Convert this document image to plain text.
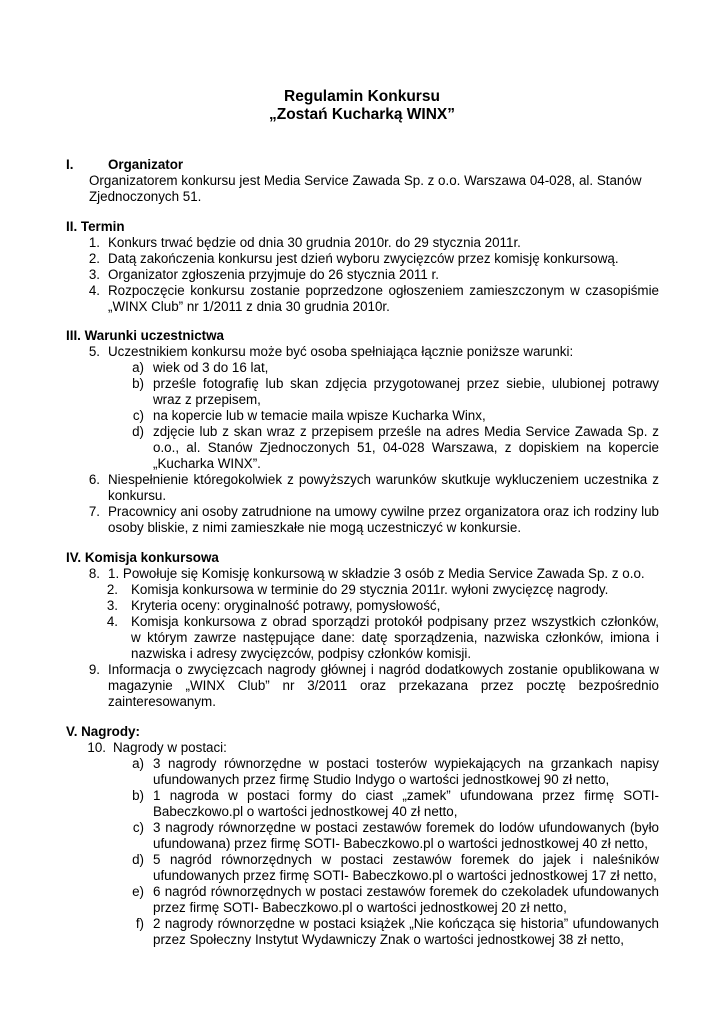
Regulamin Konkursu
„Zostań Kucharką WINX”
I.	Organizator
Organizatorem konkursu jest Media Service Zawada Sp. z o.o. Warszawa 04-028, al. Stanów
Zjednoczonych 51.
II. Termin
1. Konkurs trwać będzie od dnia 30 grudnia 2010r. do 29 stycznia 2011r.
2. Datą zakończenia konkursu jest dzień wyboru zwycięzców przez komisję konkursową.
3. Organizator zgłoszenia przyjmuje do 26 stycznia 2011 r.
4. Rozpoczęcie konkursu zostanie poprzedzone ogłoszeniem zamieszczonym w czasopiśmie
„WINX Club” nr 1/2011 z dnia 30 grudnia 2010r.
III. Warunki uczestnictwa
5. Uczestnikiem konkursu może być osoba spełniająca łącznie poniższe warunki:
a) wiek od 3 do 16 lat,
b) prześle fotografię lub skan zdjęcia przygotowanej przez siebie, ulubionej potrawy
wraz z przepisem,
c) na kopercie lub w temacie maila wpisze Kucharka Winx,
d) zdjęcie lub z skan wraz z przepisem prześle na adres Media Service Zawada Sp. z
o.o., al. Stanów Zjednoczonych 51, 04-028 Warszawa, z dopiskiem na kopercie
„Kucharka WINX”.
6. Niespełnienie któregokolwiek z powyższych warunków skutkuje wykluczeniem uczestnika z
konkursu.
7. Pracownicy ani osoby zatrudnione na umowy cywilne przez organizatora oraz ich rodziny lub
osoby bliskie, z nimi zamieszkałe nie mogą uczestniczyć w konkursie.
IV. Komisja konkursowa
8. 1. Powołuje się Komisję konkursową w składzie 3 osób z Media Service Zawada Sp. z o.o.
2. Komisja konkursowa w terminie do 29 stycznia 2011r. wyłoni zwycięzcę nagrody.
3. Kryteria oceny: oryginalność potrawy, pomysłowość,
4. Komisja konkursowa z obrad sporządzi protokół podpisany przez wszystkich członków,
w którym zawrze następujące dane: datę sporządzenia, nazwiska członków, imiona i
nazwiska i adresy zwycięzców, podpisy członków komisji.
9. Informacja o zwycięzcach nagrody głównej i nagród dodatkowych zostanie opublikowana w
magazynie „WINX Club” nr 3/2011 oraz przekazana przez pocztę bezpośrednio
zainteresowanym.
V. Nagrody:
10. Nagrody w postaci:
a) 3 nagrody równorzędne w postaci tosterów wypiekających na grzankach napisy
ufundowanych przez firmę Studio Indygo o wartości jednostkowej 90 zł netto,
b) 1 nagroda w postaci formy do ciast „zamek” ufundowana przez firmę SOTI-
Babeczkowo.pl o wartości jednostkowej 40 zł netto,
c) 3 nagrody równorzędne w postaci zestawów foremek do lodów ufundowanych (było
ufundowana) przez firmę SOTI- Babeczkowo.pl o wartości jednostkowej 40 zł netto,
d) 5 nagród równorzędnych w postaci zestawów foremek do jajek i naleśników
ufundowanych przez firmę SOTI- Babeczkowo.pl o wartości jednostkowej 17 zł netto,
e) 6 nagród równorzędnych w postaci zestawów foremek do czekoladek ufundowanych
przez firmę SOTI- Babeczkowo.pl o wartości jednostkowej 20 zł netto,
f) 2 nagrody równorzędne w postaci książek „Nie kończąca się historia” ufundowanych
przez Społeczny Instytut Wydawniczy Znak o wartości jednostkowej 38 zł netto,
